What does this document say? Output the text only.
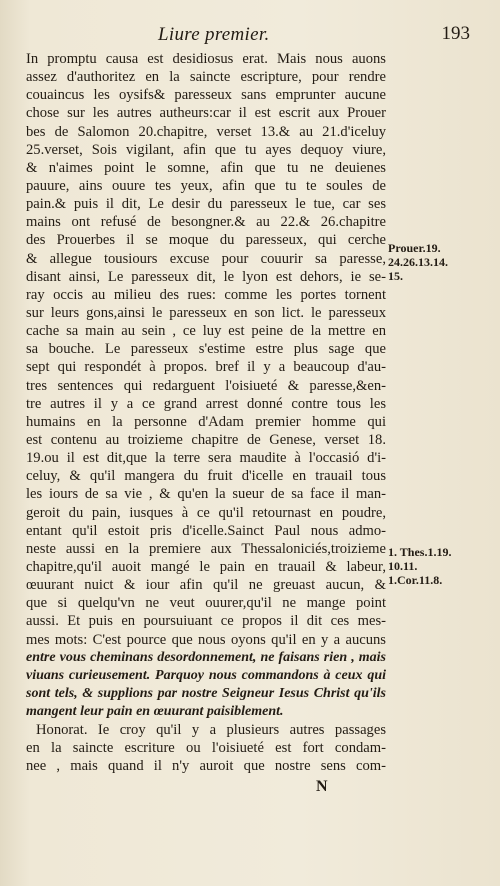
Liure premier.	193
In promptu causa est desidiosus erat. Mais nous auons
assez d'authoritez en la saincte escripture, pour rendre
couaincus les oysifs& paresseux sans emprunter aucune
chose sur les autres autheurs:car il est escrit aux Prouer
bes de Salomon 20.chapitre, verset 13.& au 21.d'iceluy
25.verset, Sois vigilant, afin que tu ayes dequoy viure,
& n'aimes point le somne, afin que tu ne deuienes
pauure, ains ouure tes yeux, afin que tu te soules de
pain.& puis il dit, Le desir du paresseux le tue, car ses
mains ont refusé de besongner.& au 22.& 26.chapitre
des Prouerbes il se moque du paresseux, qui cerche
& allegue tousiours excuse pour couurir sa paresse,
disant ainsi, Le paresseux dit, le lyon est dehors, ie se-
ray occis au milieu des rues: comme les portes tornent
sur leurs gons,ainsi le paresseux en son lict. le paresseux
cache sa main au sein , ce luy est peine de la mettre en
sa bouche. Le paresseux s'estime estre plus sage que
sept qui respondét à propos. bref il y a beaucoup d'au-
tres sentences qui redarguent l'oisiueté & paresse,&en-
tre autres il y a ce grand arrest donné contre tous les
humains en la personne d'Adam premier homme qui
est contenu au troizieme chapitre de Genese, verset 18.
19.ou il est dit,que la terre sera maudite à l'occasió d'i-
celuy, & qu'il mangera du fruit d'icelle en trauail tous
les iours de sa vie , & qu'en la sueur de sa face il man-
geroit du pain, iusques à ce qu'il retournast en poudre,
entant qu'il estoit pris d'icelle.Sainct Paul nous admo-
neste aussi en la premiere aux Thessaloniciés,troizieme
chapitre,qu'il auoit mangé le pain en trauail & labeur,
œuurant nuict & iour afin qu'il ne greuast aucun, &
que si quelqu'vn ne veut ouurer,qu'il ne mange point
aussi. Et puis en poursuiuant ce propos il dit ces mes-
mes mots: C'est pource que nous oyons qu'il en y a aucuns
entre vous cheminans desordonnement, ne faisans rien , mais
viuans curieusement. Parquoy nous commandons à ceux qui
sont tels, & supplions par nostre Seigneur Iesus Christ qu'ils
mangent leur pain en œuurant paisiblement.
Honorat. Ie croy qu'il y a plusieurs autres passages
en la saincte escriture ou l'oisiueté est fort condam-
nee , mais quand il n'y auroit que nostre sens com-
Prouer.19.
24.26.13.14.
15.
1. Thes.1.19.
10.11.
1.Cor.11.8.
N
